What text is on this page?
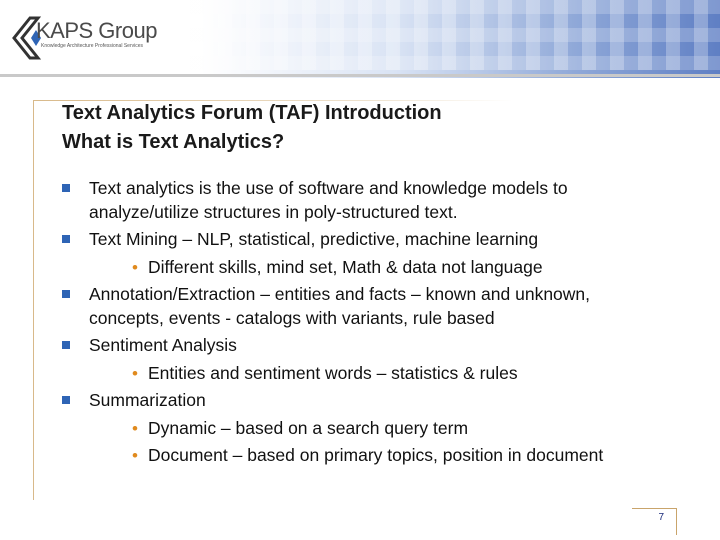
KAPS Group
Knowledge Architecture Professional Services
Text Analytics Forum (TAF) Introduction
What is Text Analytics?
Text analytics is the use of software and knowledge models to
analyze/utilize structures in poly-structured text.
Text Mining – NLP, statistical, predictive, machine learning
• Different skills, mind set, Math & data not language
Annotation/Extraction – entities and facts – known and unknown,
concepts, events - catalogs with variants, rule based
Sentiment Analysis
• Entities and sentiment words – statistics & rules
Summarization
• Dynamic – based on a search query term
• Document – based on primary topics, position in document
7
